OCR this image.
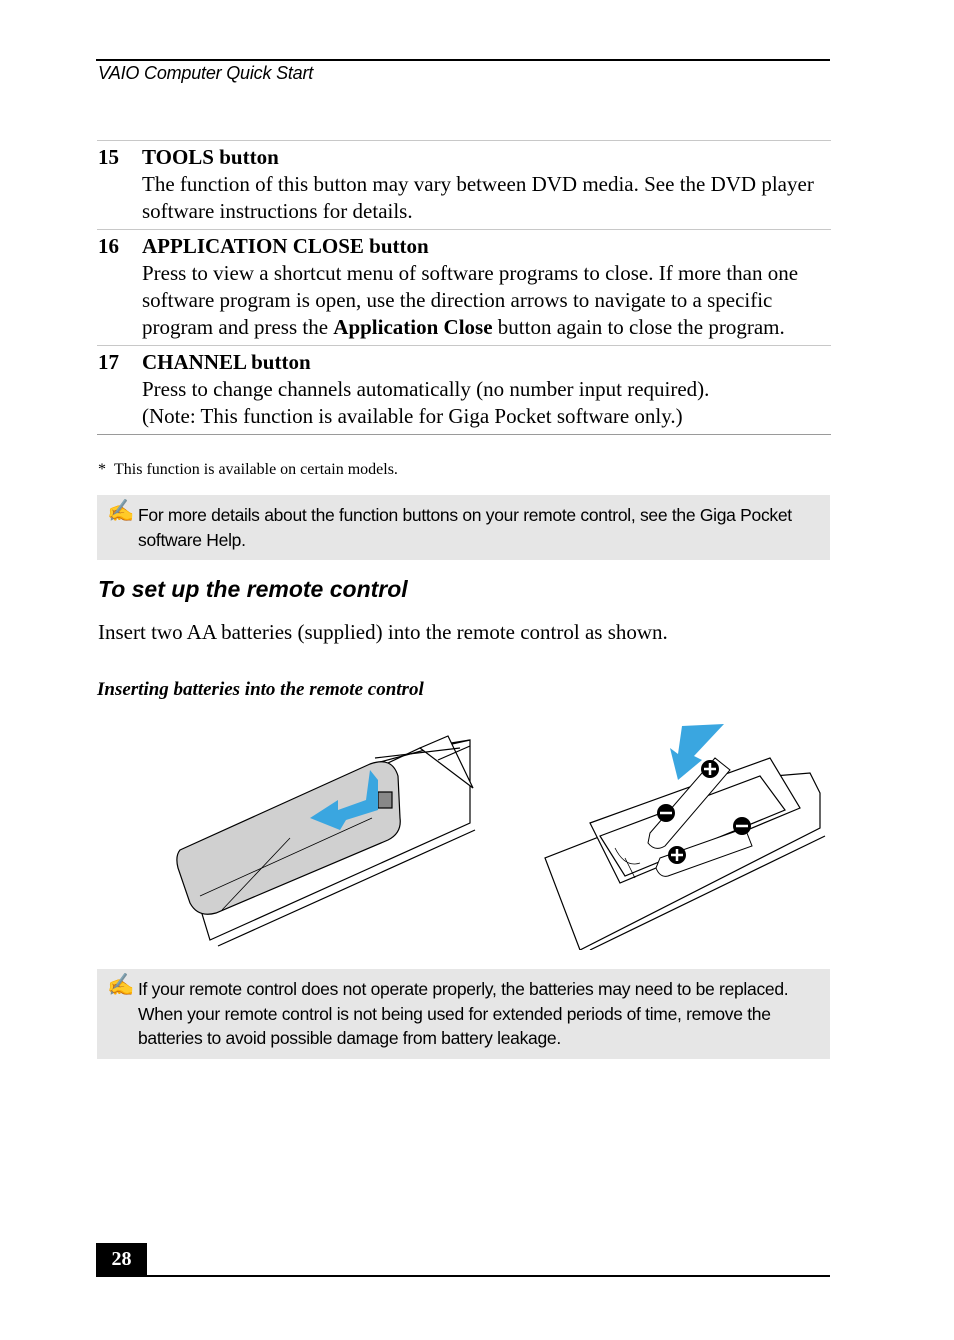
VAIO Computer Quick Start
15 TOOLS button
The function of this button may vary between DVD media. See the DVD player software instructions for details.
16 APPLICATION CLOSE button
Press to view a shortcut menu of software programs to close. If more than one software program is open, use the direction arrows to navigate to a specific program and press the Application Close button again to close the program.
17 CHANNEL button
Press to change channels automatically (no number input required).
(Note: This function is available for Giga Pocket software only.)
* This function is available on certain models.
✍ For more details about the function buttons on your remote control, see the Giga Pocket software Help.
To set up the remote control
Insert two AA batteries (supplied) into the remote control as shown.
Inserting batteries into the remote control
✍ If your remote control does not operate properly, the batteries may need to be replaced. When your remote control is not being used for extended periods of time, remove the batteries to avoid possible damage from battery leakage.
28
